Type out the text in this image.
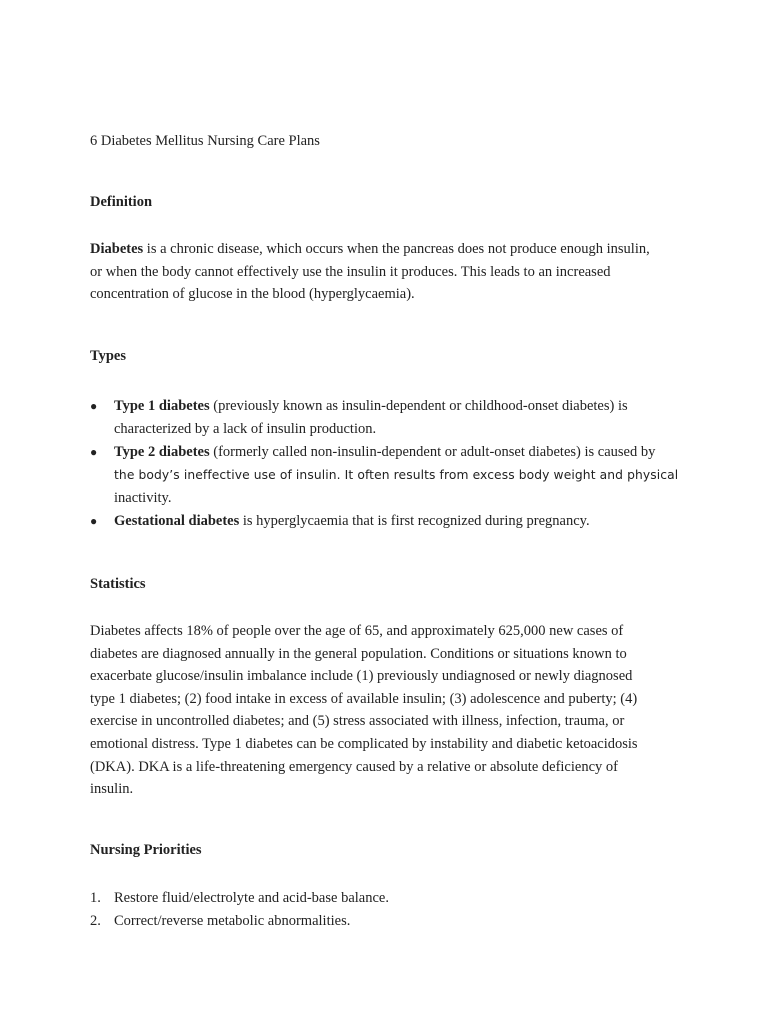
6 Diabetes Mellitus Nursing Care Plans
Definition
Diabetes is a chronic disease, which occurs when the pancreas does not produce enough insulin,
or when the body cannot effectively use the insulin it produces. This leads to an increased
concentration of glucose in the blood (hyperglycaemia).
Types
● Type 1 diabetes (previously known as insulin-dependent or childhood-onset diabetes) is characterized by a lack of insulin production.
● Type 2 diabetes (formerly called non-insulin-dependent or adult-onset diabetes) is caused by
the body’s ineffective use of insulin. It often results from excess body weight and physical
inactivity.
● Gestational diabetes is hyperglycaemia that is first recognized during pregnancy.
Statistics
Diabetes affects 18% of people over the age of 65, and approximately 625,000 new cases of
diabetes are diagnosed annually in the general population. Conditions or situations known to
exacerbate glucose/insulin imbalance include (1) previously undiagnosed or newly diagnosed
type 1 diabetes; (2) food intake in excess of available insulin; (3) adolescence and puberty; (4)
exercise in uncontrolled diabetes; and (5) stress associated with illness, infection, trauma, or
emotional distress. Type 1 diabetes can be complicated by instability and diabetic ketoacidosis
(DKA). DKA is a life-threatening emergency caused by a relative or absolute deficiency of
insulin.
Nursing Priorities
1. Restore fluid/electrolyte and acid-base balance.
2. Correct/reverse metabolic abnormalities.
